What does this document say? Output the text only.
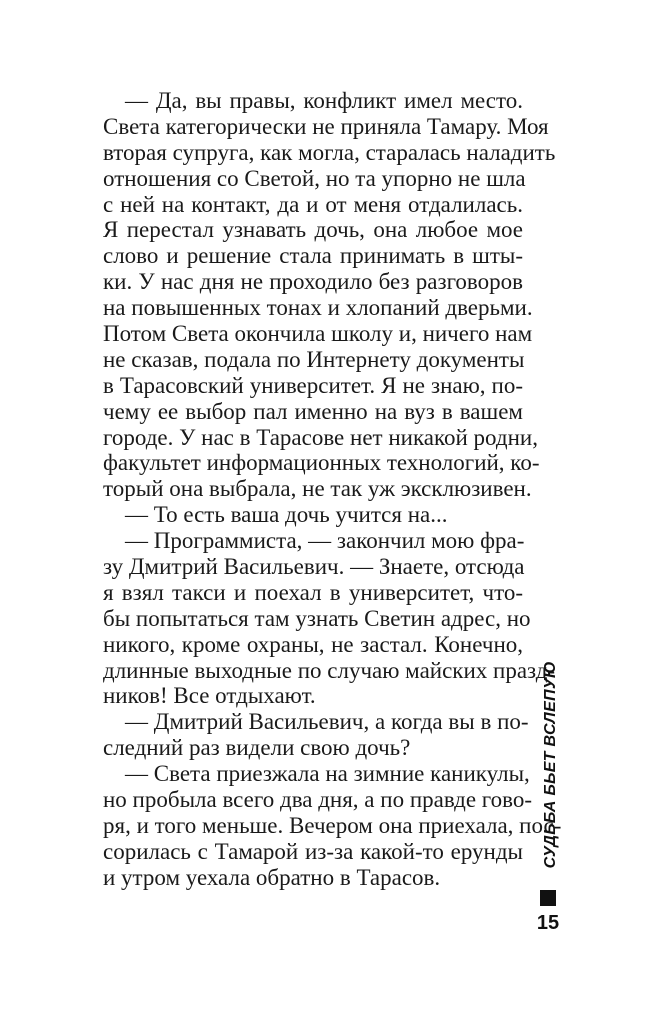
— Да, вы правы, конфликт имел место.
Света категорически не приняла Тамару. Моя
вторая супруга, как могла, старалась наладить
отношения со Светой, но та упорно не шла
с ней на контакт, да и от меня отдалилась.
Я перестал узнавать дочь, она любое мое
слово и решение стала принимать в шты-
ки. У нас дня не проходило без разговоров
на повышенных тонах и хлопаний дверьми.
Потом Света окончила школу и, ничего нам
не сказав, подала по Интернету документы
в Тарасовский университет. Я не знаю, по-
чему ее выбор пал именно на вуз в вашем
городе. У нас в Тарасове нет никакой родни,
факультет информационных технологий, ко-
торый она выбрала, не так уж эксклюзивен.
— То есть ваша дочь учится на...
— Программиста, — закончил мою фра-
зу Дмитрий Васильевич. — Знаете, отсюда
я взял такси и поехал в университет, что-
бы попытаться там узнать Светин адрес, но
никого, кроме охраны, не застал. Конечно,
длинные выходные по случаю майских празд-
ников! Все отдыхают.
— Дмитрий Васильевич, а когда вы в по-
следний раз видели свою дочь?
— Света приезжала на зимние каникулы,
но пробыла всего два дня, а по правде гово-
ря, и того меньше. Вечером она приехала, пос-
сорилась с Тамарой из-за какой-то ерунды
и утром уехала обратно в Тарасов.
СУДЬБА БЬЕТ ВСЛЕПУЮ
15
